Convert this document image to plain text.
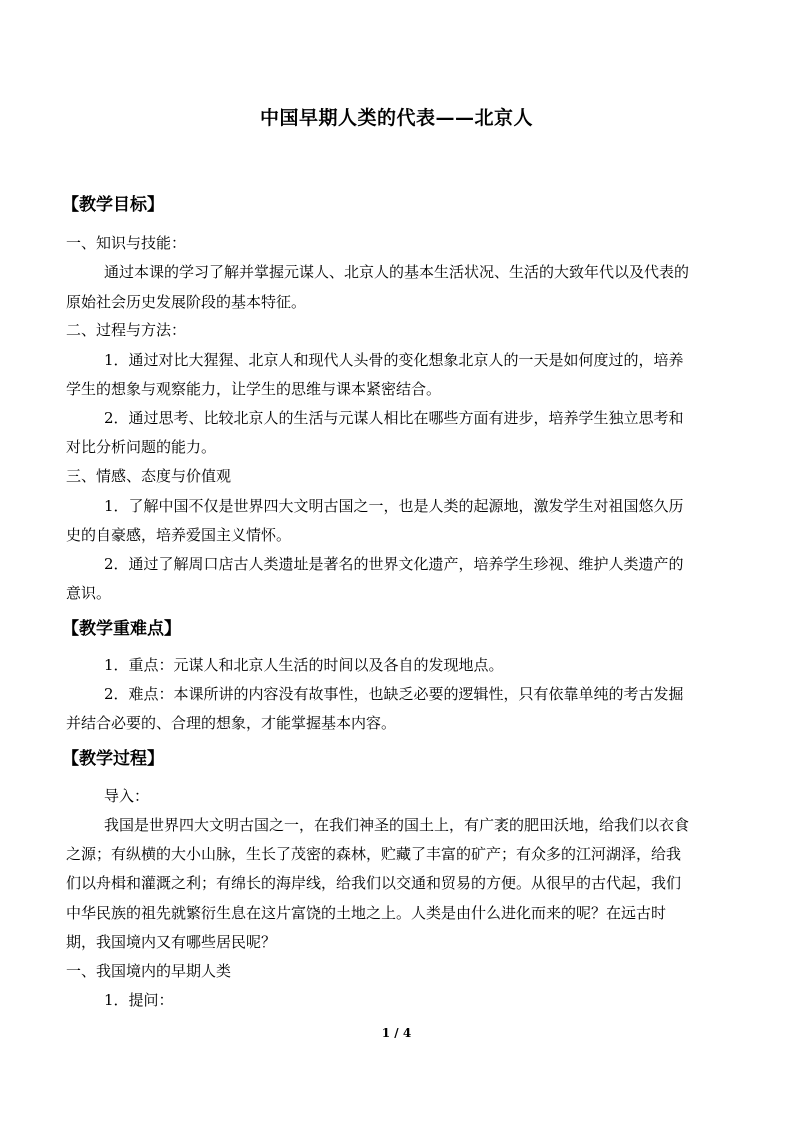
中国早期人类的代表——北京人
【教学目标】
一、知识与技能：
通过本课的学习了解并掌握元谋人、北京人的基本生活状况、生活的大致年代以及代表的
原始社会历史发展阶段的基本特征。
二、过程与方法：
1．通过对比大猩猩、北京人和现代人头骨的变化想象北京人的一天是如何度过的，培养
学生的想象与观察能力，让学生的思维与课本紧密结合。
2．通过思考、比较北京人的生活与元谋人相比在哪些方面有进步，培养学生独立思考和
对比分析问题的能力。
三、情感、态度与价值观
1．了解中国不仅是世界四大文明古国之一，也是人类的起源地，激发学生对祖国悠久历
史的自豪感，培养爱国主义情怀。
2．通过了解周口店古人类遗址是著名的世界文化遗产，培养学生珍视、维护人类遗产的
意识。
【教学重难点】
1．重点：元谋人和北京人生活的时间以及各自的发现地点。
2．难点：本课所讲的内容没有故事性，也缺乏必要的逻辑性，只有依靠单纯的考古发掘
并结合必要的、合理的想象，才能掌握基本内容。
【教学过程】
导入：
我国是世界四大文明古国之一，在我们神圣的国土上，有广袤的肥田沃地，给我们以衣食
之源；有纵横的大小山脉，生长了茂密的森林，贮藏了丰富的矿产；有众多的江河湖泽，给我
们以舟楫和灌溉之利；有绵长的海岸线，给我们以交通和贸易的方便。从很早的古代起，我们
中华民族的祖先就繁衍生息在这片富饶的土地之上。人类是由什么进化而来的呢？在远古时
期，我国境内又有哪些居民呢？
一、我国境内的早期人类
1．提问：
1 / 4
